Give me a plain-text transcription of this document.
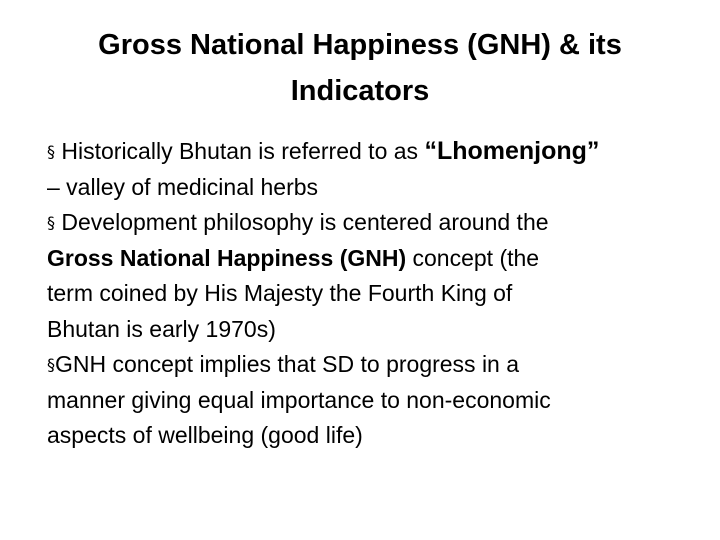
Gross National Happiness (GNH) & its
Indicators

§ Historically Bhutan is referred to as “Lhomenjong”
– valley of medicinal herbs

§ Development philosophy is centered around the
Gross National Happiness (GNH) concept (the
term coined by His Majesty the Fourth King of
Bhutan is early 1970s)

§GNH concept implies that SD to progress in a
manner giving equal importance to non-economic
aspects of wellbeing (good life)
